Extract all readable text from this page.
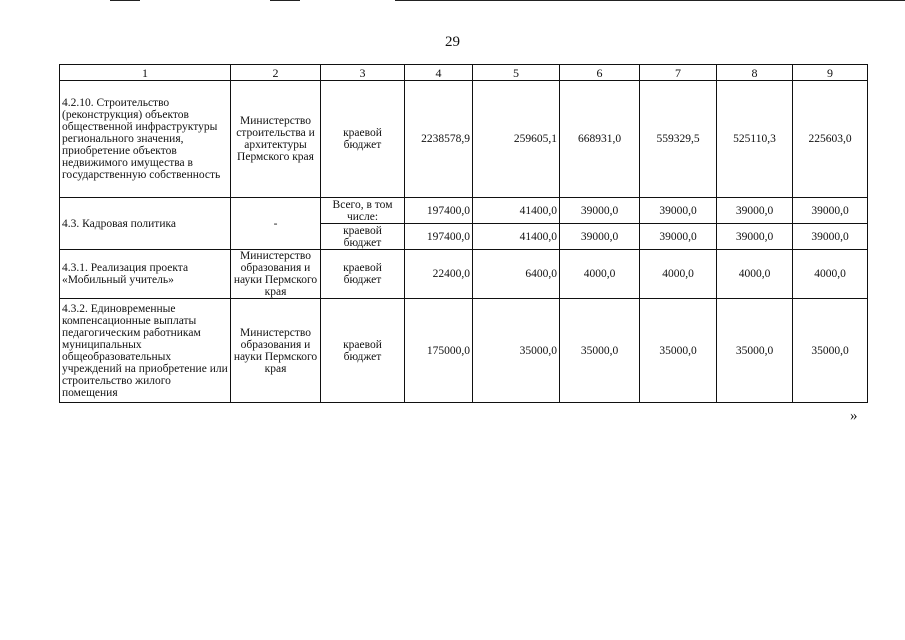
29
1	2	3	4	5	6	7	8	9
4.2.10. Строительство (реконструкция) объектов общественной инфраструктуры регионального значения, приобретение объектов недвижимого имущества в государственную собственность	Министерство строительства и архитектуры Пермского края	краевой бюджет	2238578,9	259605,1	668931,0	559329,5	525110,3	225603,0
4.3. Кадровая политика	-	Всего, в том числе:	197400,0	41400,0	39000,0	39000,0	39000,0	39000,0
		краевой бюджет	197400,0	41400,0	39000,0	39000,0	39000,0	39000,0
4.3.1. Реализация проекта «Мобильный учитель»	Министерство образования и науки Пермского края	краевой бюджет	22400,0	6400,0	4000,0	4000,0	4000,0	4000,0
4.3.2. Единовременные компенсационные выплаты педагогическим работникам муниципальных общеобразовательных учреждений на приобретение или строительство жилого помещения	Министерство образования и науки Пермского края	краевой бюджет	175000,0	35000,0	35000,0	35000,0	35000,0	35000,0
»
